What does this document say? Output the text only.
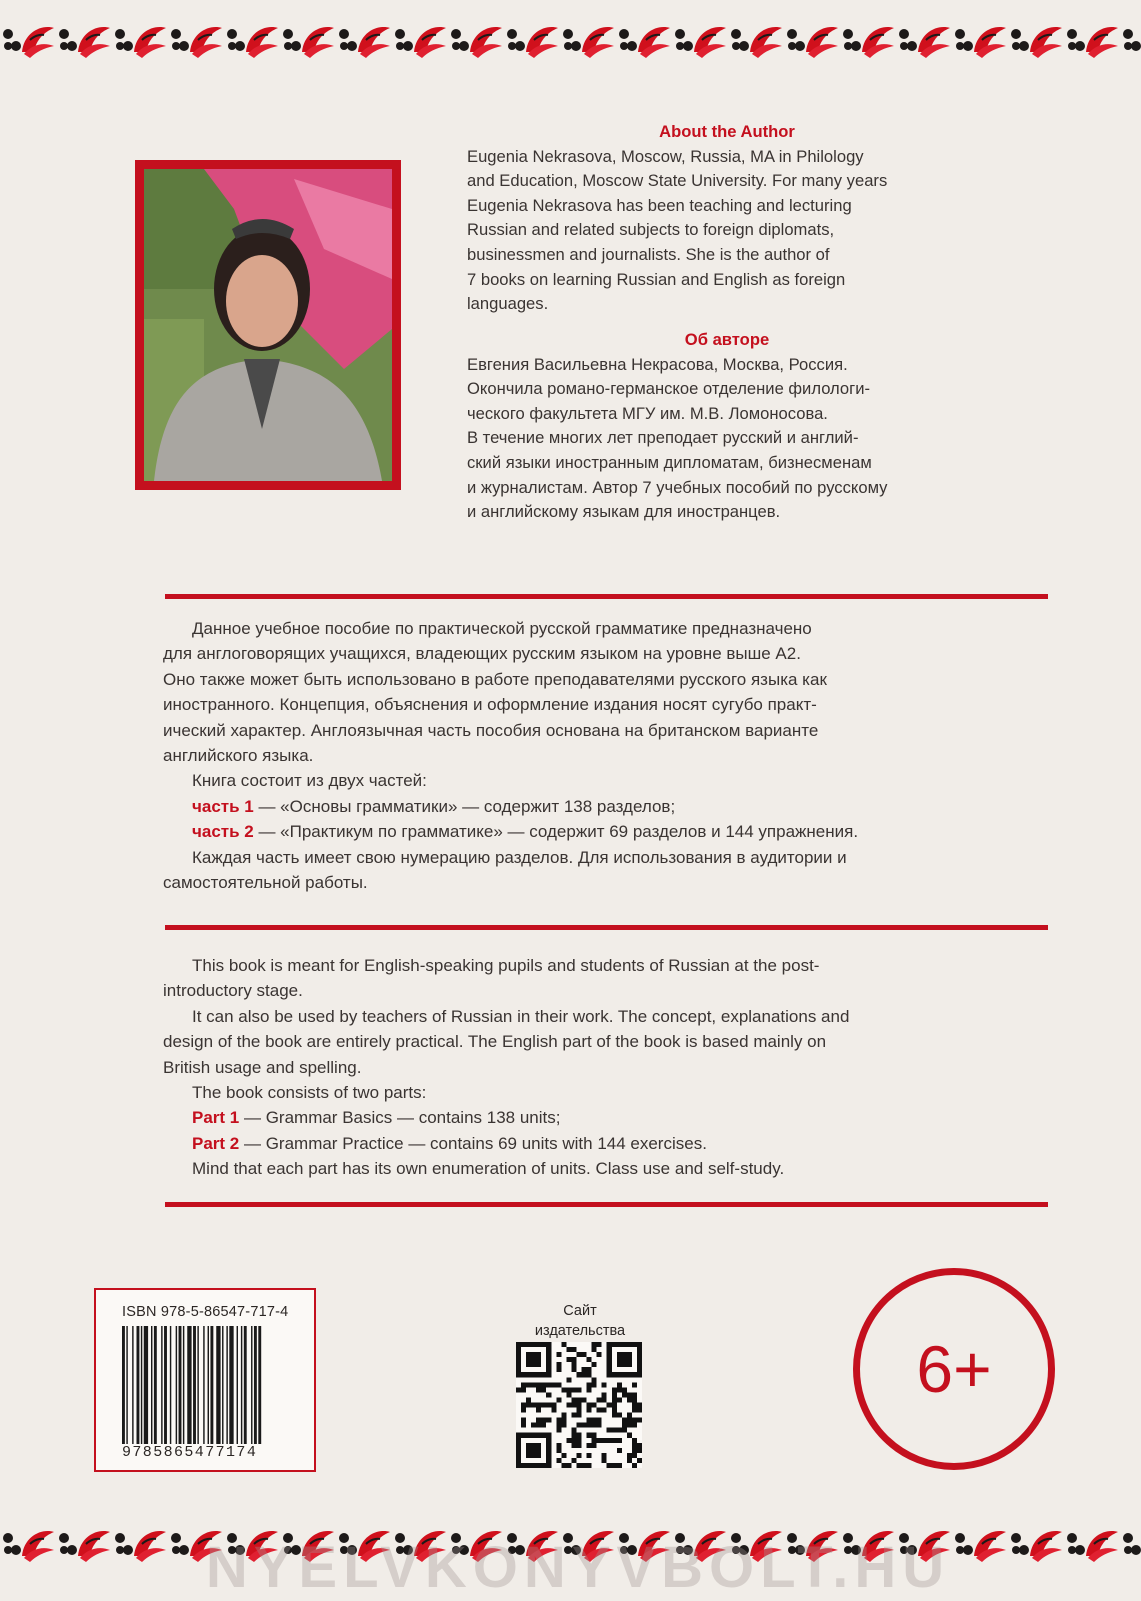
About the Author
Eugenia Nekrasova, Moscow, Russia, MA in Philology
and Education, Moscow State University. For many years
Eugenia Nekrasova has been teaching and lecturing
Russian and related subjects to foreign diplomats,
businessmen and journalists. She is the author of
7 books on learning Russian and English as foreign
languages.
Об авторе
Евгения Васильевна Некрасова, Москва, Россия.
Окончила романо-германское отделение филологи-
ческого факультета МГУ им. М.В. Ломоносова.
В течение многих лет преподает русский и англий-
ский языки иностранным дипломатам, бизнесменам
и журналистам. Автор 7 учебных пособий по русскому
и английскому языкам для иностранцев.
Данное учебное пособие по практической русской грамматике предназначено
для англоговорящих учащихся, владеющих русским языком на уровне выше А2.
Оно также может быть использовано в работе преподавателями русского языка как
иностранного. Концепция, объяснения и оформление издания носят сугубо практ-
ический характер. Англоязычная часть пособия основана на британском варианте
английского языка.
Книга состоит из двух частей:
часть 1 — «Основы грамматики» — содержит 138 разделов;
часть 2 — «Практикум по грамматике» — содержит 69 разделов и 144 упражнения.
Каждая часть имеет свою нумерацию разделов. Для использования в аудитории и
самостоятельной работы.
This book is meant for English-speaking pupils and students of Russian at the post-
introductory stage.
It can also be used by teachers of Russian in their work. The concept, explanations and
design of the book are entirely practical. The English part of the book is based mainly on
British usage and spelling.
The book consists of two parts:
Part 1 — Grammar Basics — contains 138 units;
Part 2 — Grammar Practice — contains 69 units with 144 exercises.
Mind that each part has its own enumeration of units. Class use and self-study.
ISBN 978-5-86547-717-4
9785865477174
Сайт
издательства
6+
NYELVKONYVBOLT.HU
